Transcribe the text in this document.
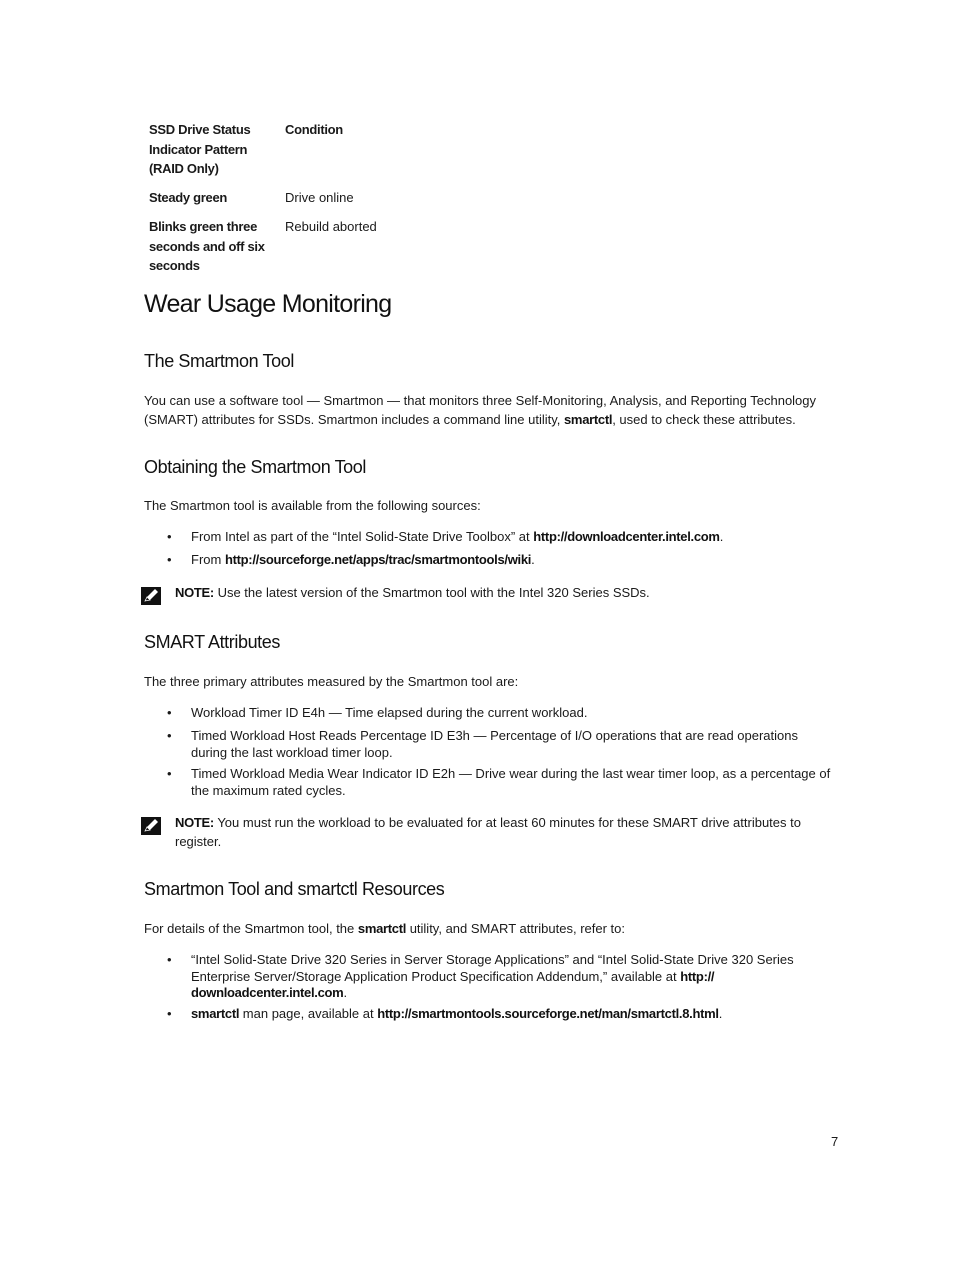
SSD Drive Status Indicator Pattern (RAID Only)
Condition
Steady green	Drive online
Blinks green three seconds and off six seconds
Rebuild aborted
Wear Usage Monitoring
The Smartmon Tool

You can use a software tool — Smartmon — that monitors three Self-Monitoring, Analysis, and Reporting Technology (SMART) attributes for SSDs. Smartmon includes a command line utility, smartctl, used to check these attributes.

Obtaining the Smartmon Tool

The Smartmon tool is available from the following sources:

• From Intel as part of the “Intel Solid-State Drive Toolbox” at http://downloadcenter.intel.com.
• From http://sourceforge.net/apps/trac/smartmontools/wiki.
NOTE: Use the latest version of the Smartmon tool with the Intel 320 Series SSDs.
SMART Attributes

The three primary attributes measured by the Smartmon tool are:

• Workload Timer ID E4h — Time elapsed during the current workload.
• Timed Workload Host Reads Percentage ID E3h — Percentage of I/O operations that are read operations during the last workload timer loop.
• Timed Workload Media Wear Indicator ID E2h — Drive wear during the last wear timer loop, as a percentage of the maximum rated cycles.
NOTE: You must run the workload to be evaluated for at least 60 minutes for these SMART drive attributes to register.
Smartmon Tool and smartctl Resources

For details of the Smartmon tool, the smartctl utility, and SMART attributes, refer to:

• “Intel Solid-State Drive 320 Series in Server Storage Applications” and “Intel Solid-State Drive 320 Series Enterprise Server/Storage Application Product Specification Addendum,” available at http:// downloadcenter.intel.com.
• smartctl man page, available at http://smartmontools.sourceforge.net/man/smartctl.8.html.
7
